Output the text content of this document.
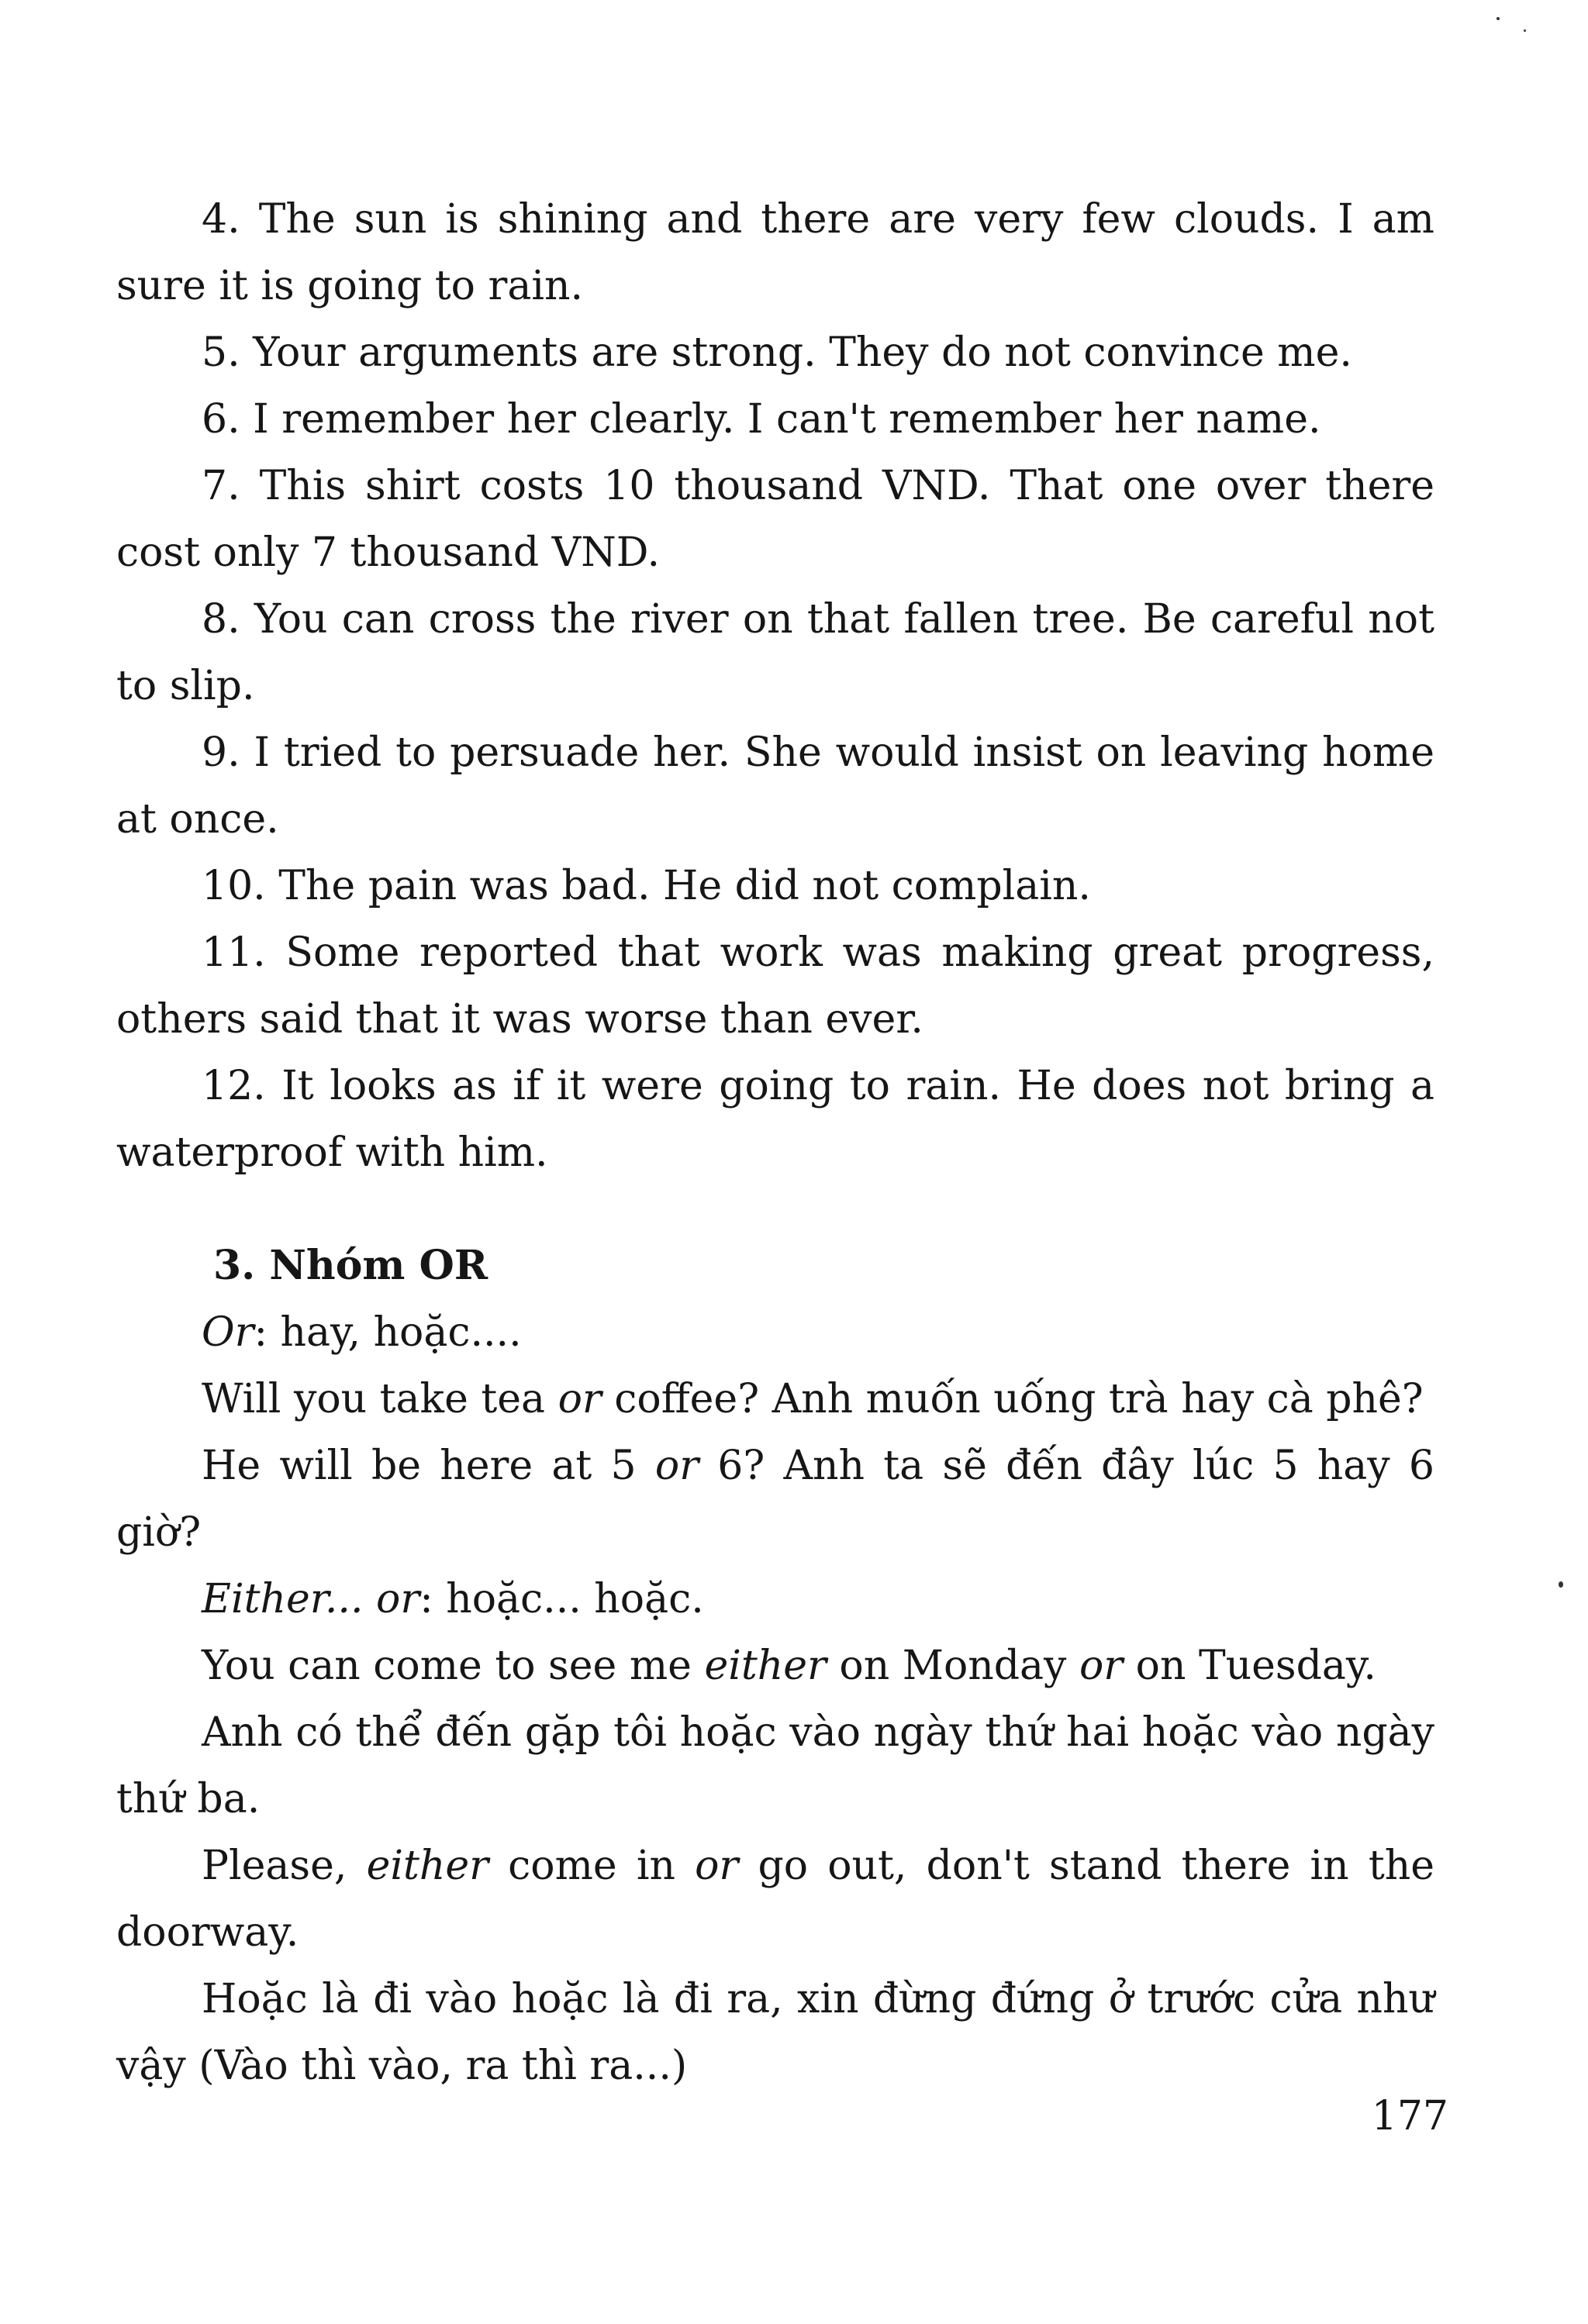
4. The sun is shining and there are very few clouds. I am sure it is going to rain.

5. Your arguments are strong. They do not convince me.

6. I remember her clearly. I can't remember her name.

7. This shirt costs 10 thousand VND. That one over there cost only 7 thousand VND.

8. You can cross the river on that fallen tree. Be careful not to slip.

9. I tried to persuade her. She would insist on leaving home at once.

10. The pain was bad. He did not complain.

11. Some reported that work was making great progress, others said that it was worse than ever.

12. It looks as if it were going to rain. He does not bring a waterproof with him.

3. Nhóm OR

Or: hay, hoặc....

Will you take tea or coffee? Anh muốn uống trà hay cà phê?

He will be here at 5 or 6? Anh ta sẽ đến đây lúc 5 hay 6 giờ?

Either... or: hoặc... hoặc.

You can come to see me either on Monday or on Tuesday.

Anh có thể đến gặp tôi hoặc vào ngày thứ hai hoặc vào ngày thứ ba.

Please, either come in or go out, don't stand there in the doorway.

Hoặc là đi vào hoặc là đi ra, xin đừng đứng ở trước cửa như vậy (Vào thì vào, ra thì ra...)

177
